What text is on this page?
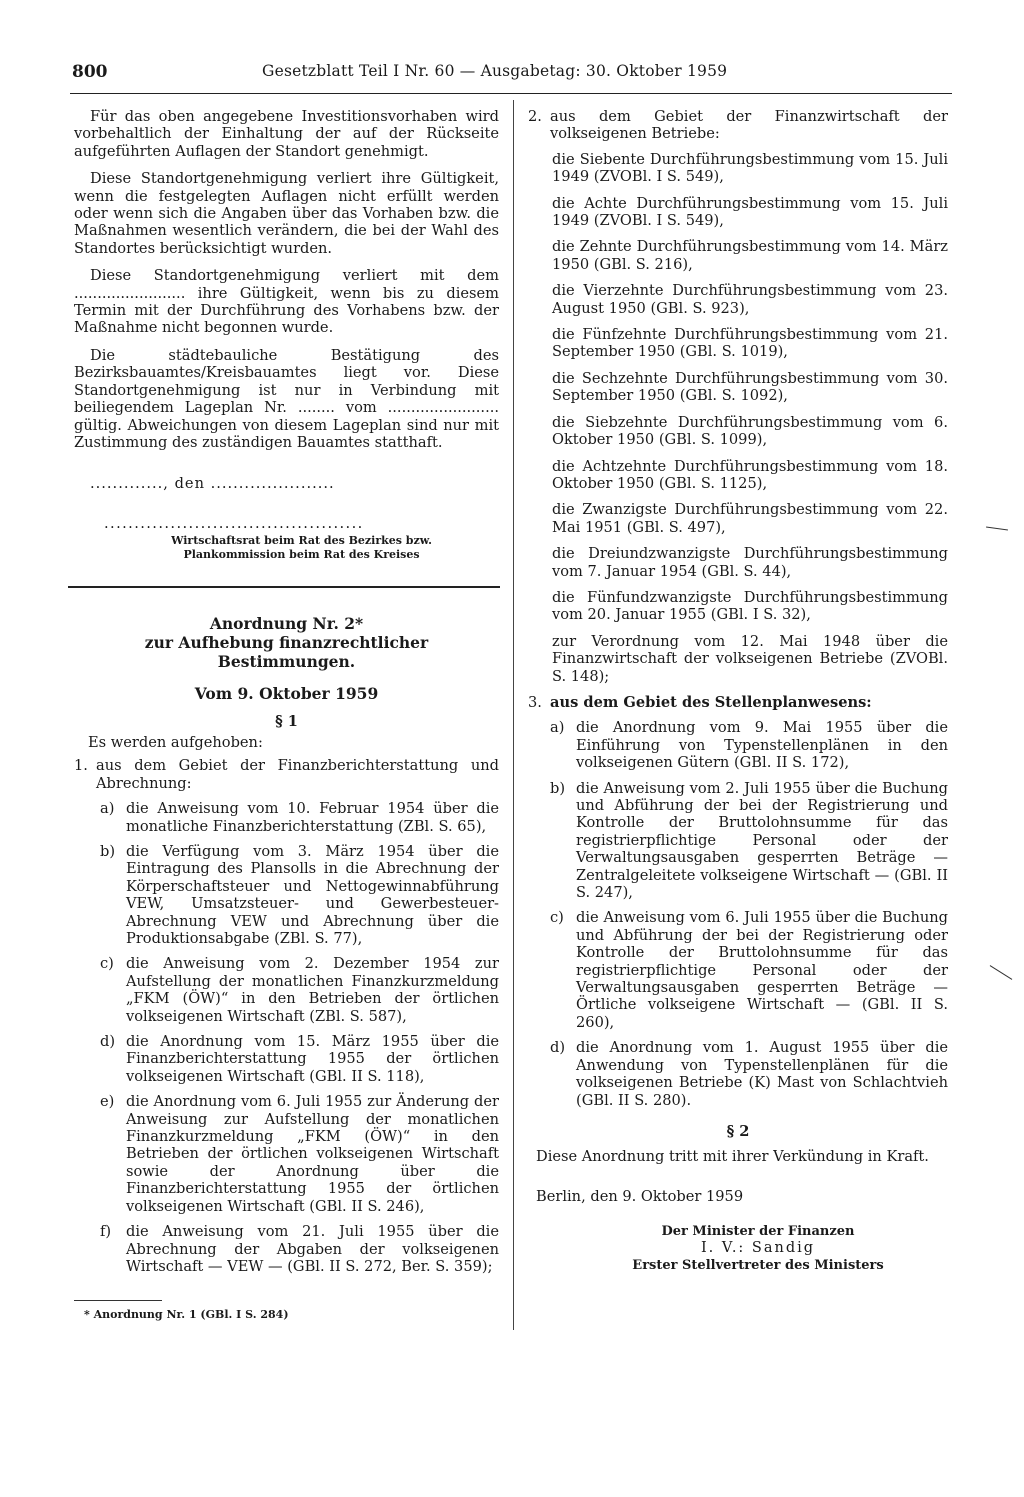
800	Gesetzblatt Teil I Nr. 60 — Ausgabetag: 30. Oktober 1959

Für das oben angegebene Investitionsvorhaben wird vorbehaltlich der Einhaltung der auf der Rückseite aufgeführten Auflagen der Standort genehmigt.

Diese Standortgenehmigung verliert ihre Gültigkeit, wenn die festgelegten Auflagen nicht erfüllt werden oder wenn sich die Angaben über das Vorhaben bzw. die Maßnahmen wesentlich verändern, die bei der Wahl des Standortes berücksichtigt wurden.

Diese Standortgenehmigung verliert mit dem ........................ ihre Gültigkeit, wenn bis zu diesem Termin mit der Durchführung des Vorhabens bzw. der Maßnahme nicht begonnen wurde.

Die städtebauliche Bestätigung des Bezirksbauamtes/Kreisbauamtes liegt vor. Diese Standortgenehmigung ist nur in Verbindung mit beiliegendem Lageplan Nr. ........ vom ........................ gültig. Abweichungen von diesem Lageplan sind nur mit Zustimmung des zuständigen Bauamtes statthaft.

............., den ......................
...........................................
Wirtschaftsrat beim Rat des Bezirkes bzw.
Plankommission beim Rat des Kreises
Anordnung Nr. 2*
zur Aufhebung finanzrechtlicher Bestimmungen.
Vom 9. Oktober 1959
§ 1
Es werden aufgehoben:
1. aus dem Gebiet der Finanzberichterstattung und Abrechnung:
a) die Anweisung vom 10. Februar 1954 über die monatliche Finanzberichterstattung (ZBl. S. 65),
b) die Verfügung vom 3. März 1954 über die Eintragung des Plansolls in die Abrechnung der Körperschaftsteuer und Nettogewinnabführung VEW, Umsatzsteuer- und Gewerbesteuer-Abrechnung VEW und Abrechnung über die Produktionsabgabe (ZBl. S. 77),
c) die Anweisung vom 2. Dezember 1954 zur Aufstellung der monatlichen Finanzkurzmeldung „FKM (ÖW)“ in den Betrieben der örtlichen volkseigenen Wirtschaft (ZBl. S. 587),
d) die Anordnung vom 15. März 1955 über die Finanzberichterstattung 1955 der örtlichen volkseigenen Wirtschaft (GBl. II S. 118),
e) die Anordnung vom 6. Juli 1955 zur Änderung der Anweisung zur Aufstellung der monatlichen Finanzkurzmeldung „FKM (ÖW)“ in den Betrieben der örtlichen volkseigenen Wirtschaft sowie der Anordnung über die Finanzberichterstattung 1955 der örtlichen volkseigenen Wirtschaft (GBl. II S. 246),
f)	die Anweisung vom 21. Juli 1955 über die Abrechnung der Abgaben der volkseigenen Wirtschaft — VEW — (GBl. II S. 272, Ber. S. 359);
* Anordnung Nr. 1 (GBl. I S. 284)
2. aus dem Gebiet der Finanzwirtschaft der volkseigenen Betriebe:
die Siebente Durchführungsbestimmung vom 15. Juli 1949 (ZVOBl. I S. 549),
die Achte Durchführungsbestimmung vom 15. Juli 1949 (ZVOBl. I S. 549),
die Zehnte Durchführungsbestimmung vom 14. März 1950 (GBl. S. 216),
die Vierzehnte Durchführungsbestimmung vom 23. August 1950 (GBl. S. 923),
die Fünfzehnte Durchführungsbestimmung vom 21. September 1950 (GBl. S. 1019),
die Sechzehnte Durchführungsbestimmung vom 30. September 1950 (GBl. S. 1092),
die Siebzehnte Durchführungsbestimmung vom 6. Oktober 1950 (GBl. S. 1099),
die Achtzehnte Durchführungsbestimmung vom 18. Oktober 1950 (GBl. S. 1125),
die Zwanzigste Durchführungsbestimmung vom 22. Mai 1951 (GBl. S. 497),
die Dreiundzwanzigste Durchführungsbestimmung vom 7. Januar 1954 (GBl. S. 44),
die Fünfundzwanzigste Durchführungsbestimmung vom 20. Januar 1955 (GBl. I S. 32),
zur Verordnung vom 12. Mai 1948 über die Finanzwirtschaft der volkseigenen Betriebe (ZVOBl. S. 148);
3. aus dem Gebiet des Stellenplanwesens:
a) die Anordnung vom 9. Mai 1955 über die Einführung von Typenstellenplänen in den volkseigenen Gütern (GBl. II S. 172),
b) die Anweisung vom 2. Juli 1955 über die Buchung und Abführung der bei der Registrierung und Kontrolle der Bruttolohnsumme für das registrierpflichtige Personal oder der Verwaltungsausgaben gesperrten Beträge — Zentralgeleitete volkseigene Wirtschaft — (GBl. II S. 247),
c) die Anweisung vom 6. Juli 1955 über die Buchung und Abführung der bei der Registrierung oder Kontrolle der Bruttolohnsumme für das registrierpflichtige Personal oder der Verwaltungsausgaben gesperrten Beträge — Örtliche volkseigene Wirtschaft — (GBl. II S. 260),
d) die Anordnung vom 1. August 1955 über die Anwendung von Typenstellenplänen für die volkseigenen Betriebe (K) Mast von Schlachtvieh (GBl. II S. 280).
§ 2
Diese Anordnung tritt mit ihrer Verkündung in Kraft.
Berlin, den 9. Oktober 1959
Der Minister der Finanzen
I. V.: Sandig
Erster Stellvertreter des Ministers
